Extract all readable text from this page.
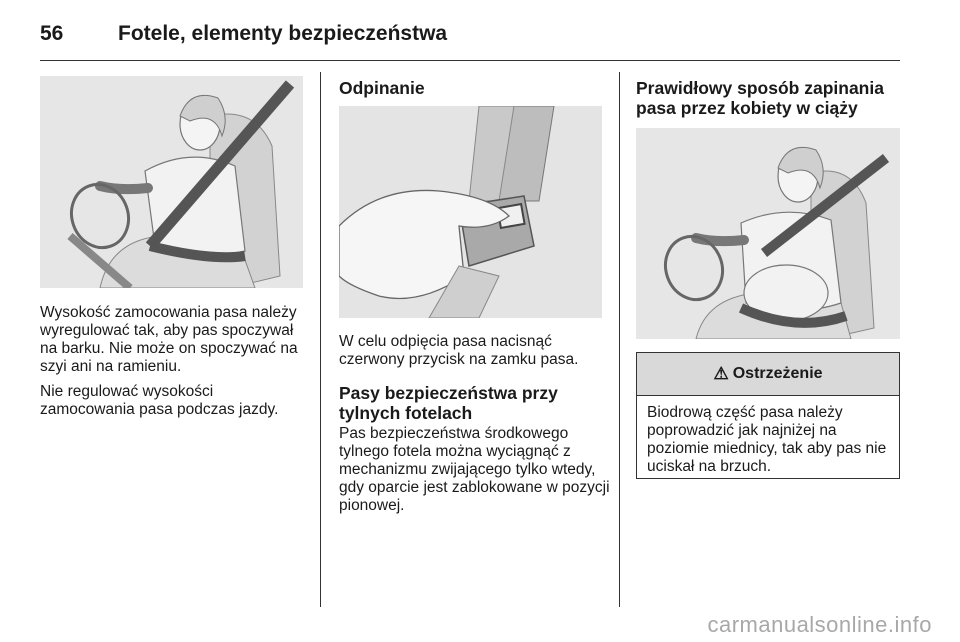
56	Fotele, elementy bezpieczeństwa

Wysokość zamocowania pasa należy wyregulować tak, aby pas spoczywał na barku. Nie może on spoczywać na szyi ani na ramieniu.

Nie regulować wysokości zamocowania pasa podczas jazdy.

Odpinanie
W celu odpięcia pasa nacisnąć czerwony przycisk na zamku pasa.
Pasy bezpieczeństwa przy tylnych fotelach
Pas bezpieczeństwa środkowego tylnego fotela można wyciągnąć z mechanizmu zwijającego tylko wtedy, gdy oparcie jest zablokowane w pozycji pionowej.
Prawidłowy sposób zapinania pasa przez kobiety w ciąży
⚠ Ostrzeżenie
Biodrową część pasa należy poprowadzić jak najniżej na poziomie miednicy, tak aby pas nie uciskał na brzuch.
carmanualsonline.info
